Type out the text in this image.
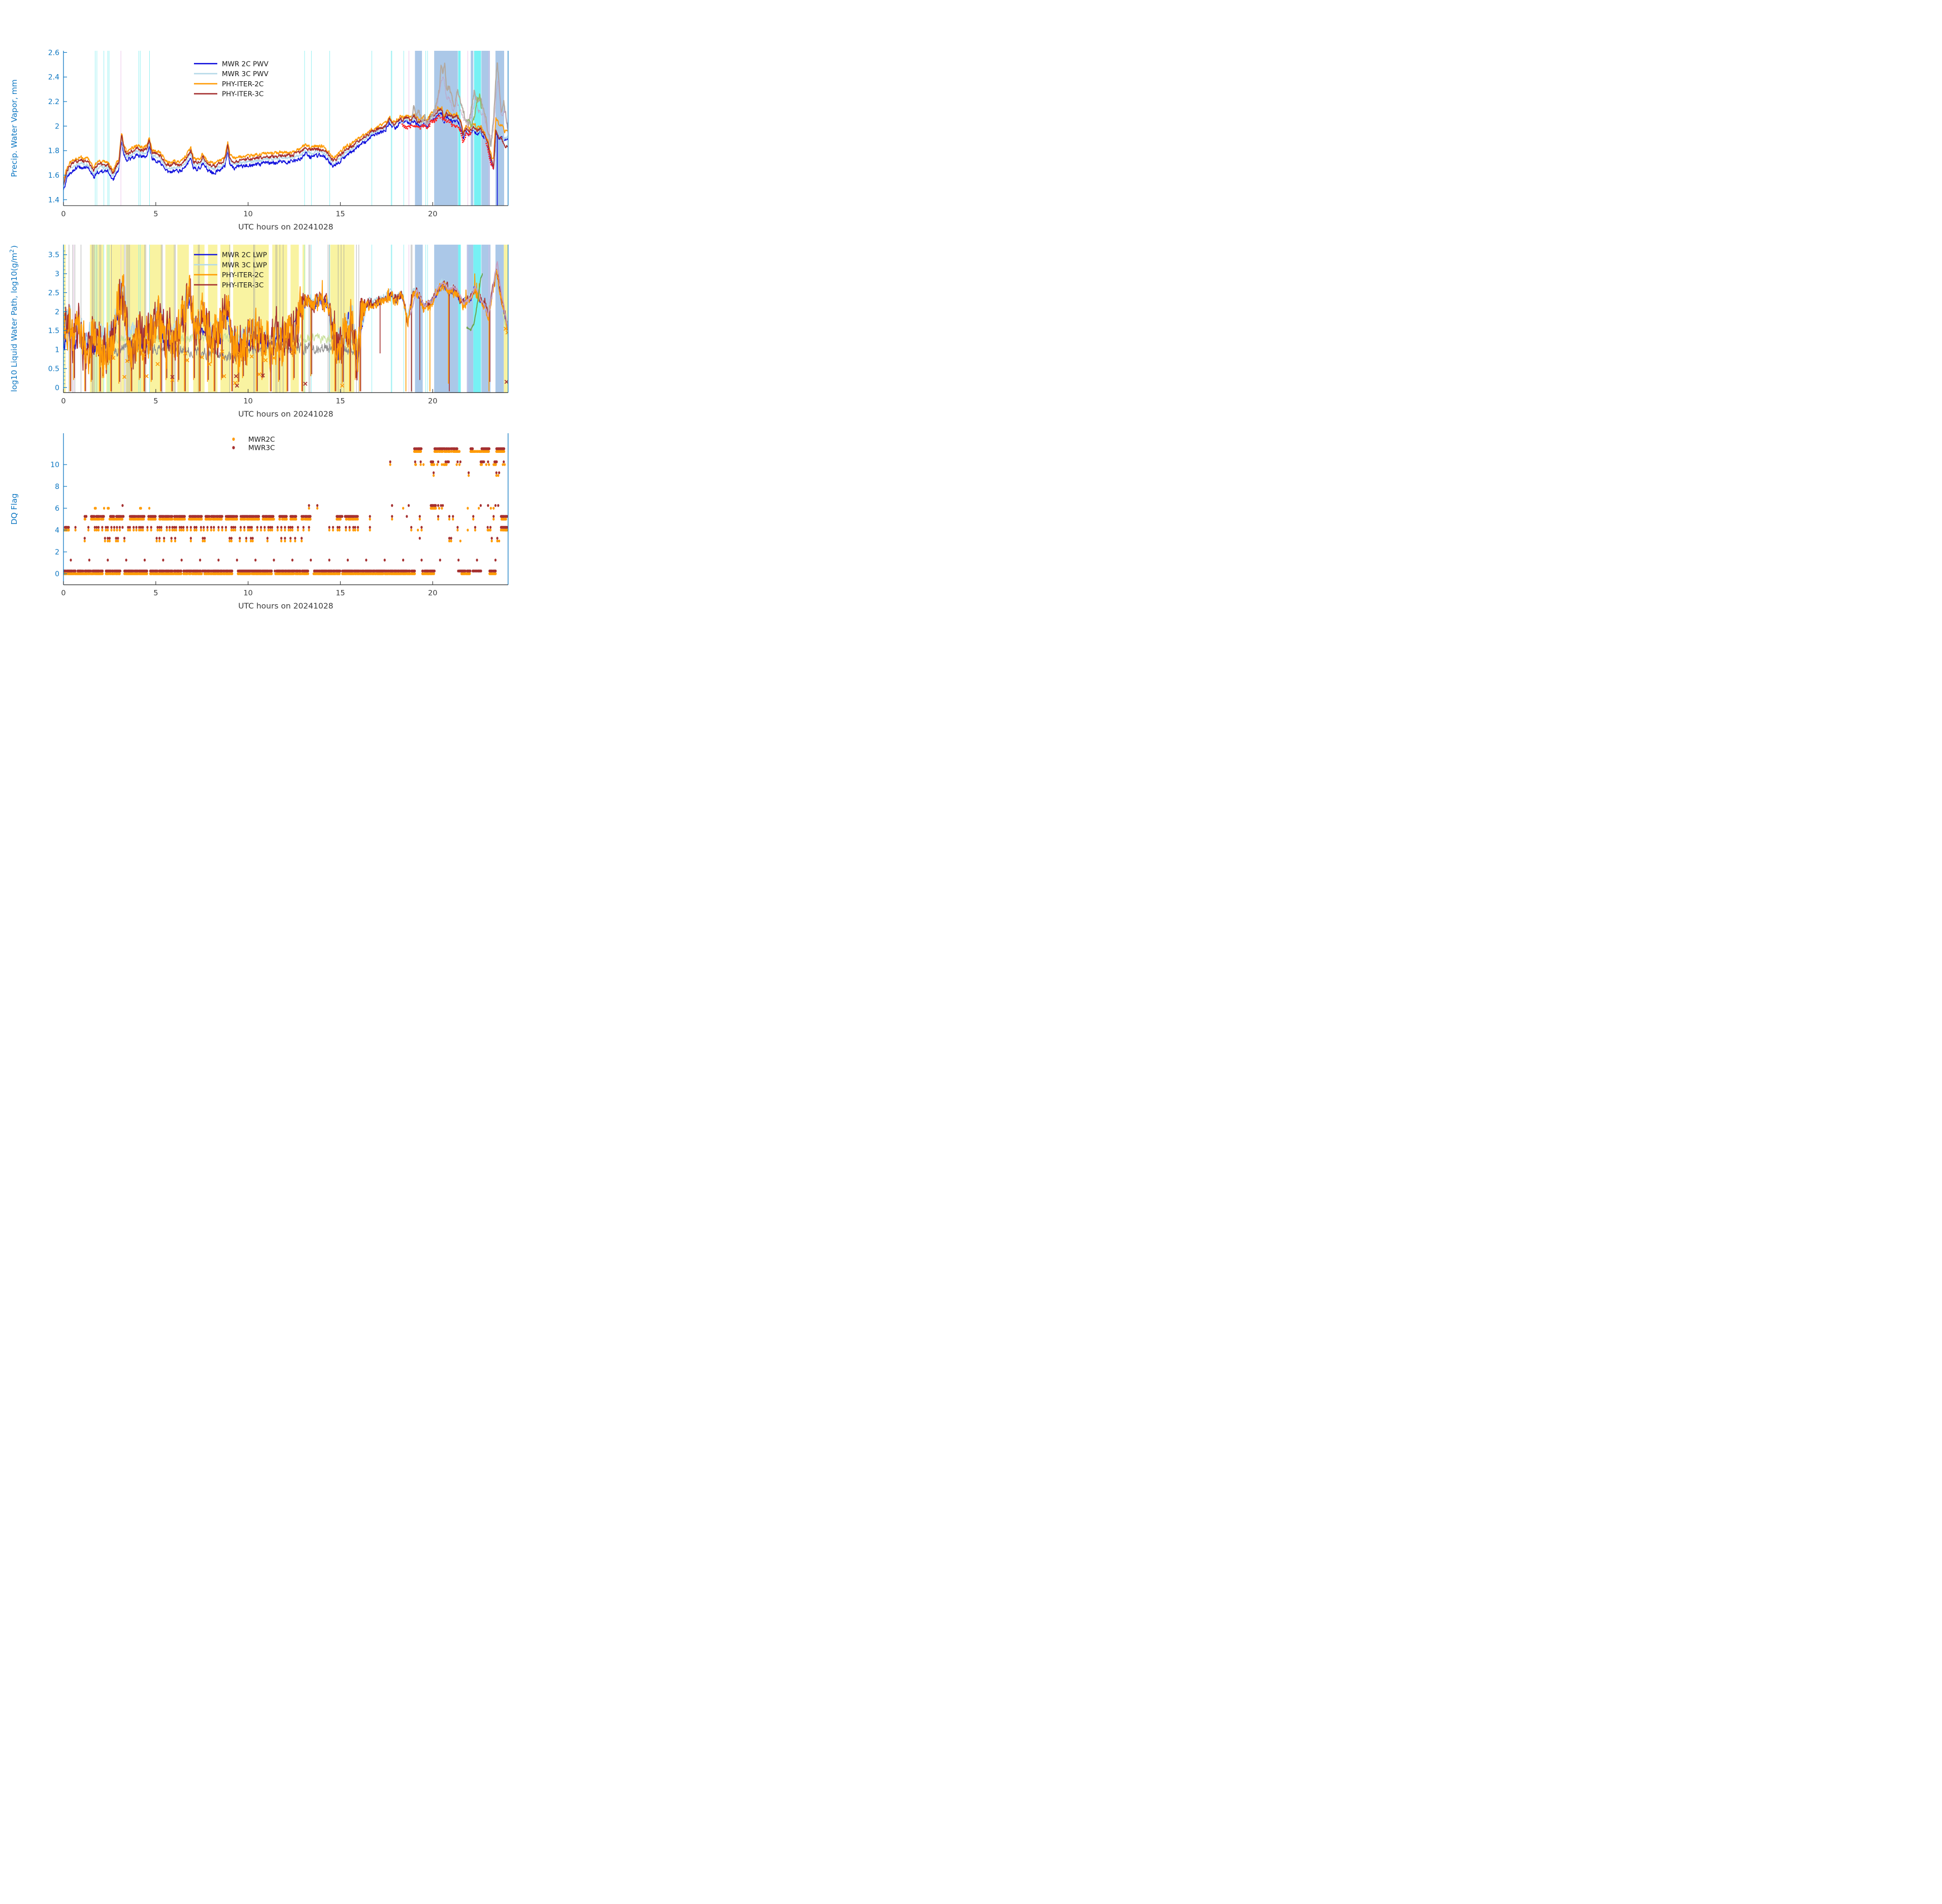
1.4
1.6
1.8
2
2.2
2.4
2.6
0	5	10	15	20
UTC hours on 20241028
Precip. Water Vapor, mm
MWR 2C PWV
MWR 3C PWV
PHY-ITER-2C
PHY-ITER-3C
0
0.5
1
1.5
2
2.5
3
3.5
0	5	10	15	20
UTC hours on 20241028
log10 Liquid Water Path, $\log 10(g/m^2$ )
MWR 2C LWP
MWR 3C LWP
PHY-ITER-2C
PHY-ITER-3C
0
2
4
6
8
10
0	5	10	15	20
UTC hours on 20241028
DQ Flag
MWR2C
MWR3C
